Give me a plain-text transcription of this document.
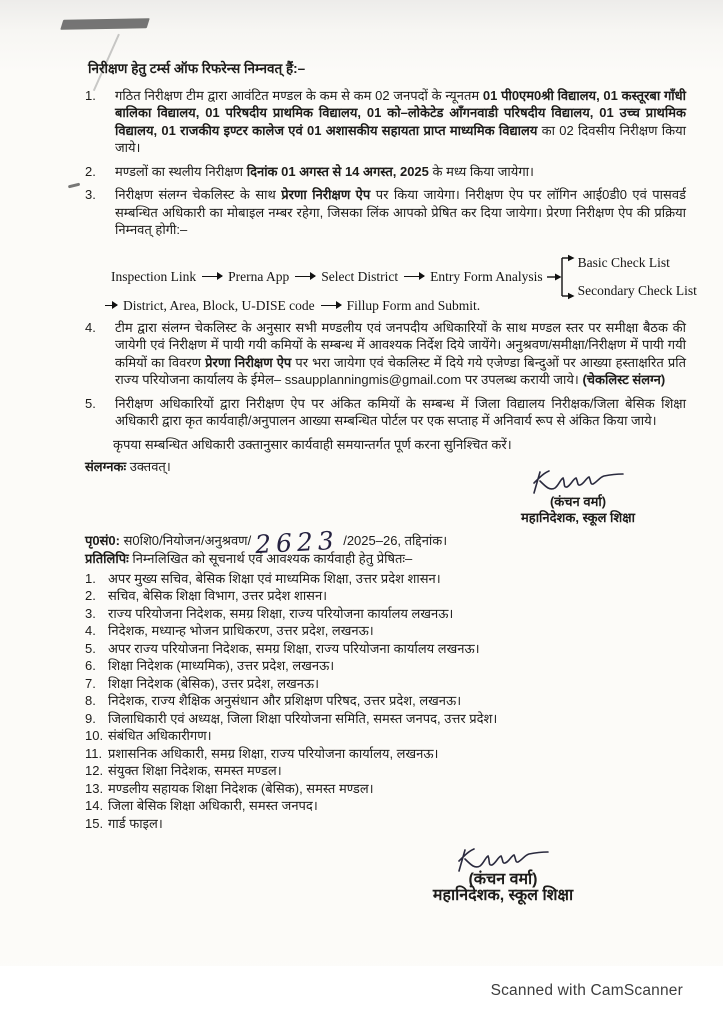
निरीक्षण हेतु टर्म्स ऑफ रिफरेन्स निम्नवत् हैं:–
1.	गठित निरीक्षण टीम द्वारा आवंटित मण्डल के कम से कम 02 जनपदों के न्यूनतम 01 पी0एम0श्री विद्यालय, 01 कस्तूरबा गाँधी बालिका विद्यालय, 01 परिषदीय प्राथमिक विद्यालय, 01 को–लोकेटेड आँगनवाडी परिषदीय विद्यालय, 01 उच्च प्राथमिक विद्यालय, 01 राजकीय इण्टर कालेज एवं 01 अशासकीय सहायता प्राप्त माध्यमिक विद्यालय का 02 दिवसीय निरीक्षण किया जाये।
2.	मण्डलों का स्थलीय निरीक्षण दिनांक 01 अगस्त से 14 अगस्त, 2025 के मध्य किया जायेगा।
3.	निरीक्षण संलग्न चेकलिस्ट के साथ प्रेरणा निरीक्षण ऐप पर किया जायेगा। निरीक्षण ऐप पर लॉगिन आई0डी0 एवं पासवर्ड सम्बन्धित अधिकारी का मोबाइल नम्बर रहेगा, जिसका लिंक आपको प्रेषित कर दिया जायेगा। प्रेरणा निरीक्षण ऐप की प्रक्रिया निम्नवत् होगी:–
Inspection Link Prerna App Select District Entry Form Analysis
Basic Check List
Secondary Check List
District, Area, Block, U-DISE code Fillup Form and Submit.
4.	टीम द्वारा संलग्न चेकलिस्ट के अनुसार सभी मण्डलीय एवं जनपदीय अधिकारियों के साथ मण्डल स्तर पर समीक्षा बैठक की जायेगी एवं निरीक्षण में पायी गयी कमियों के सम्बन्ध में आवश्यक निर्देश दिये जायेंगे। अनुश्रवण/समीक्षा/निरीक्षण में पायी गयी कमियों का विवरण प्रेरणा निरीक्षण ऐप पर भरा जायेगा एवं चेकलिस्ट में दिये गये एजेण्डा बिन्दुओं पर आख्या हस्ताक्षरित प्रति राज्य परियोजना कार्यालय के ईमेल– ssaupplanningmis@gmail.com पर उपलब्ध करायी जाये। (चेकलिस्ट संलग्न)
5.	निरीक्षण अधिकारियों द्वारा निरीक्षण ऐप पर अंकित कमियों के सम्बन्ध में जिला विद्यालय निरीक्षक/जिला बेसिक शिक्षा अधिकारी द्वारा कृत कार्यवाही/अनुपालन आख्या सम्बन्धित पोर्टल पर एक सप्ताह में अनिवार्य रूप से अंकित किया जाये।
कृपया सम्बन्धित अधिकारी उक्तानुसार कार्यवाही समयान्तर्गत पूर्ण करना सुनिश्चित करें।
संलग्नकः उक्तवत्।
(कंचन वर्मा)
महानिदेशक, स्कूल शिक्षा
पृ0सं0: स0शि0/नियोजन/अनुश्रवण/ 2623 /2025–26, तद्दिनांक।
प्रतिलिपिः निम्नलिखित को सूचनार्थ एवं आवश्यक कार्यवाही हेतु प्रेषितः–
1. अपर मुख्य सचिव, बेसिक शिक्षा एवं माध्यमिक शिक्षा, उत्तर प्रदेश शासन।
2. सचिव, बेसिक शिक्षा विभाग, उत्तर प्रदेश शासन।
3. राज्य परियोजना निदेशक, समग्र शिक्षा, राज्य परियोजना कार्यालय लखनऊ।
4. निदेशक, मध्यान्ह भोजन प्राधिकरण, उत्तर प्रदेश, लखनऊ।
5. अपर राज्य परियोजना निदेशक, समग्र शिक्षा, राज्य परियोजना कार्यालय लखनऊ।
6. शिक्षा निदेशक (माध्यमिक), उत्तर प्रदेश, लखनऊ।
7. शिक्षा निदेशक (बेसिक), उत्तर प्रदेश, लखनऊ।
8. निदेशक, राज्य शैक्षिक अनुसंधान और प्रशिक्षण परिषद, उत्तर प्रदेश, लखनऊ।
9. जिलाधिकारी एवं अध्यक्ष, जिला शिक्षा परियोजना समिति, समस्त जनपद, उत्तर प्रदेश।
10. संबंधित अधिकारीगण।
11. प्रशासनिक अधिकारी, समग्र शिक्षा, राज्य परियोजना कार्यालय, लखनऊ।
12. संयुक्त शिक्षा निदेशक, समस्त मण्डल।
13. मण्डलीय सहायक शिक्षा निदेशक (बेसिक), समस्त मण्डल।
14. जिला बेसिक शिक्षा अधिकारी, समस्त जनपद।
15. गार्ड फाइल।
(कंचन वर्मा)
महानिदेशक, स्कूल शिक्षा
Scanned with CamScanner
